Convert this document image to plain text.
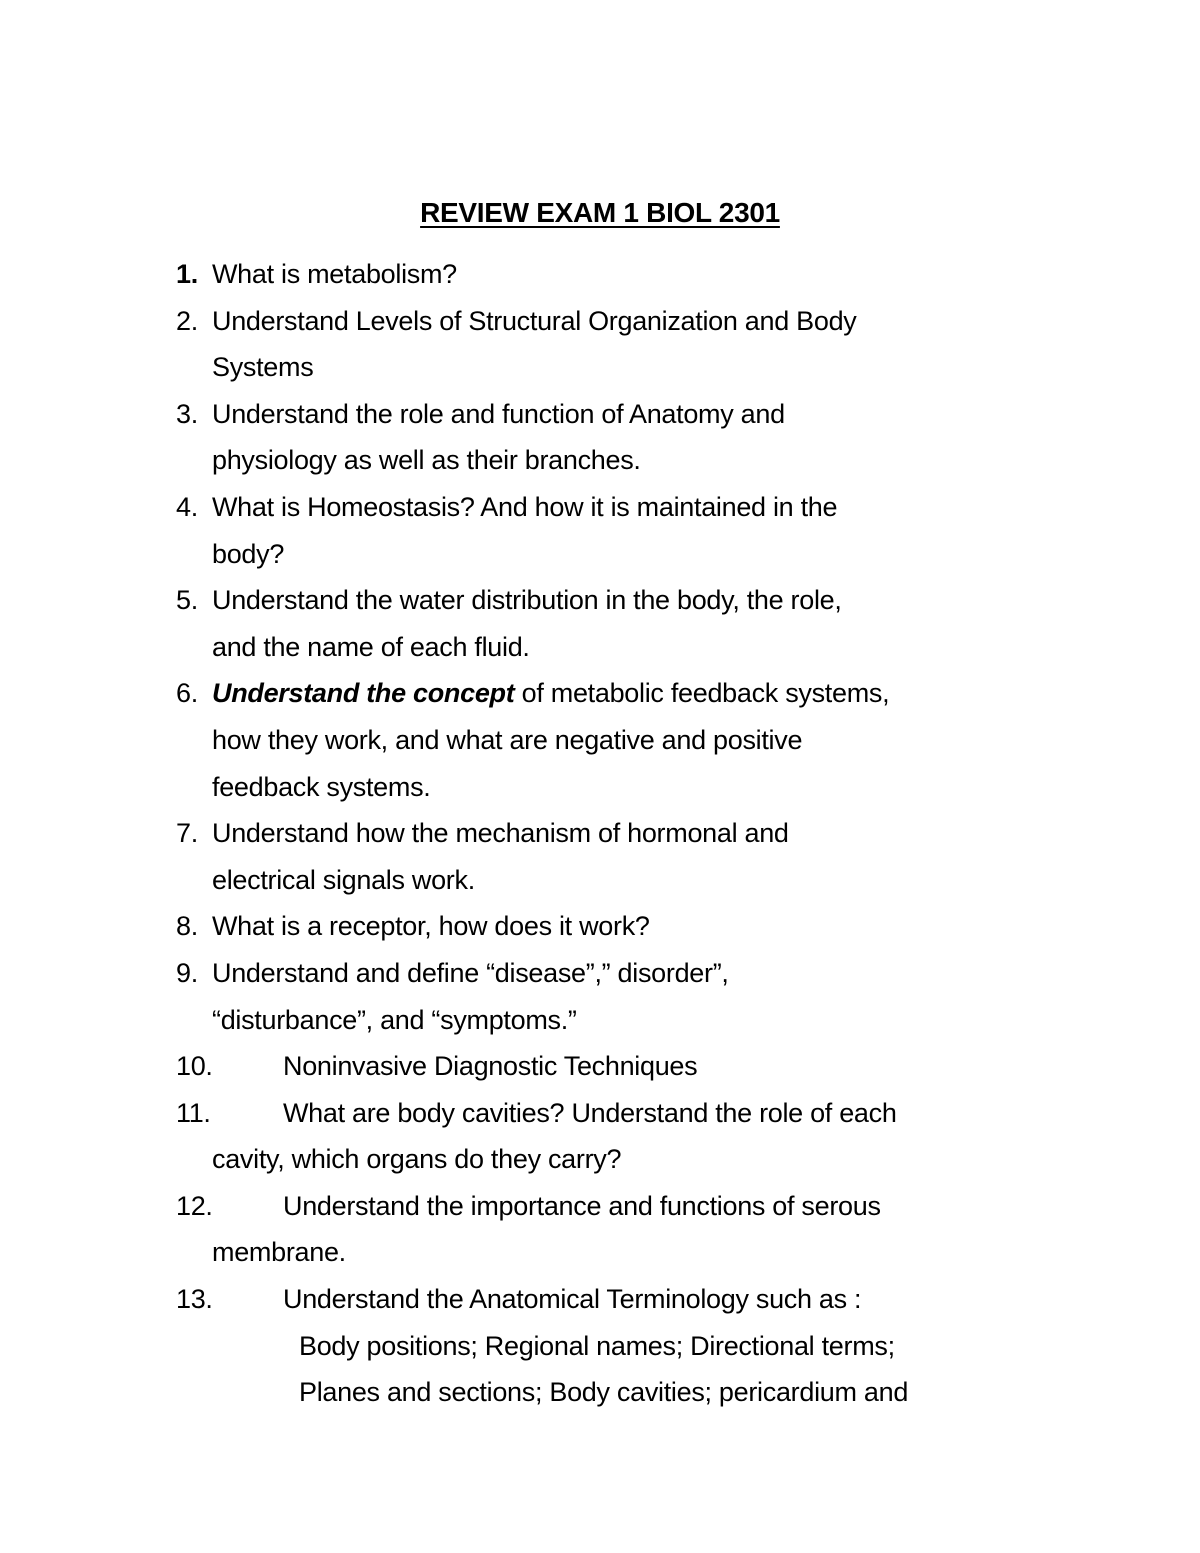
REVIEW EXAM 1 BIOL 2301
1. What is metabolism?
2. Understand Levels of Structural Organization and Body
Systems
3. Understand the role and function of Anatomy and
physiology as well as their branches.
4. What is Homeostasis? And how it is maintained in the
body?
5. Understand the water distribution in the body, the role,
and the name of each fluid.
6. Understand the concept of metabolic feedback systems,
how they work, and what are negative and positive
feedback systems.
7. Understand how the mechanism of hormonal and
electrical signals work.
8. What is a receptor, how does it work?
9. Understand and define “disease”,” disorder”,
“disturbance”, and “symptoms.”
10.	Noninvasive Diagnostic Techniques
11.	What are body cavities? Understand the role of each
cavity, which organs do they carry?
12.	Understand the importance and functions of serous
membrane.
13.	Understand the Anatomical Terminology such as :
Body positions; Regional names; Directional terms;
Planes and sections; Body cavities; pericardium and
